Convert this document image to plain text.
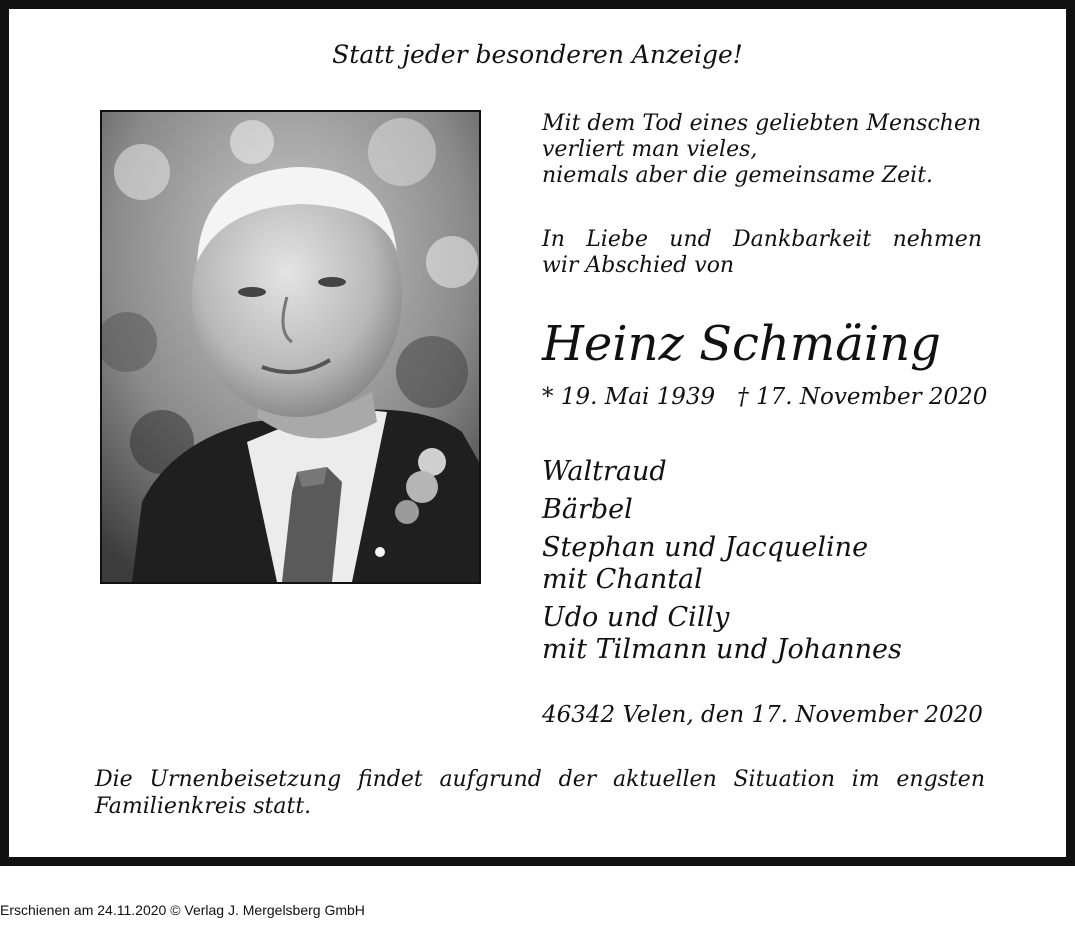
Statt jeder besonderen Anzeige!
Mit dem Tod eines geliebten Menschen
verliert man vieles,
niemals aber die gemeinsame Zeit.
In Liebe und Dankbarkeit nehmen
wir Abschied von
Heinz Schmäing
* 19. Mai 1939 † 17. November 2020
Waltraud
Bärbel
Stephan und Jacqueline
mit Chantal
Udo und Cilly
mit Tilmann und Johannes
46342 Velen, den 17. November 2020
Die Urnenbeisetzung findet aufgrund der aktuellen Situation im engsten
Familienkreis statt.
Erschienen am 24.11.2020 © Verlag J. Mergelsberg GmbH
